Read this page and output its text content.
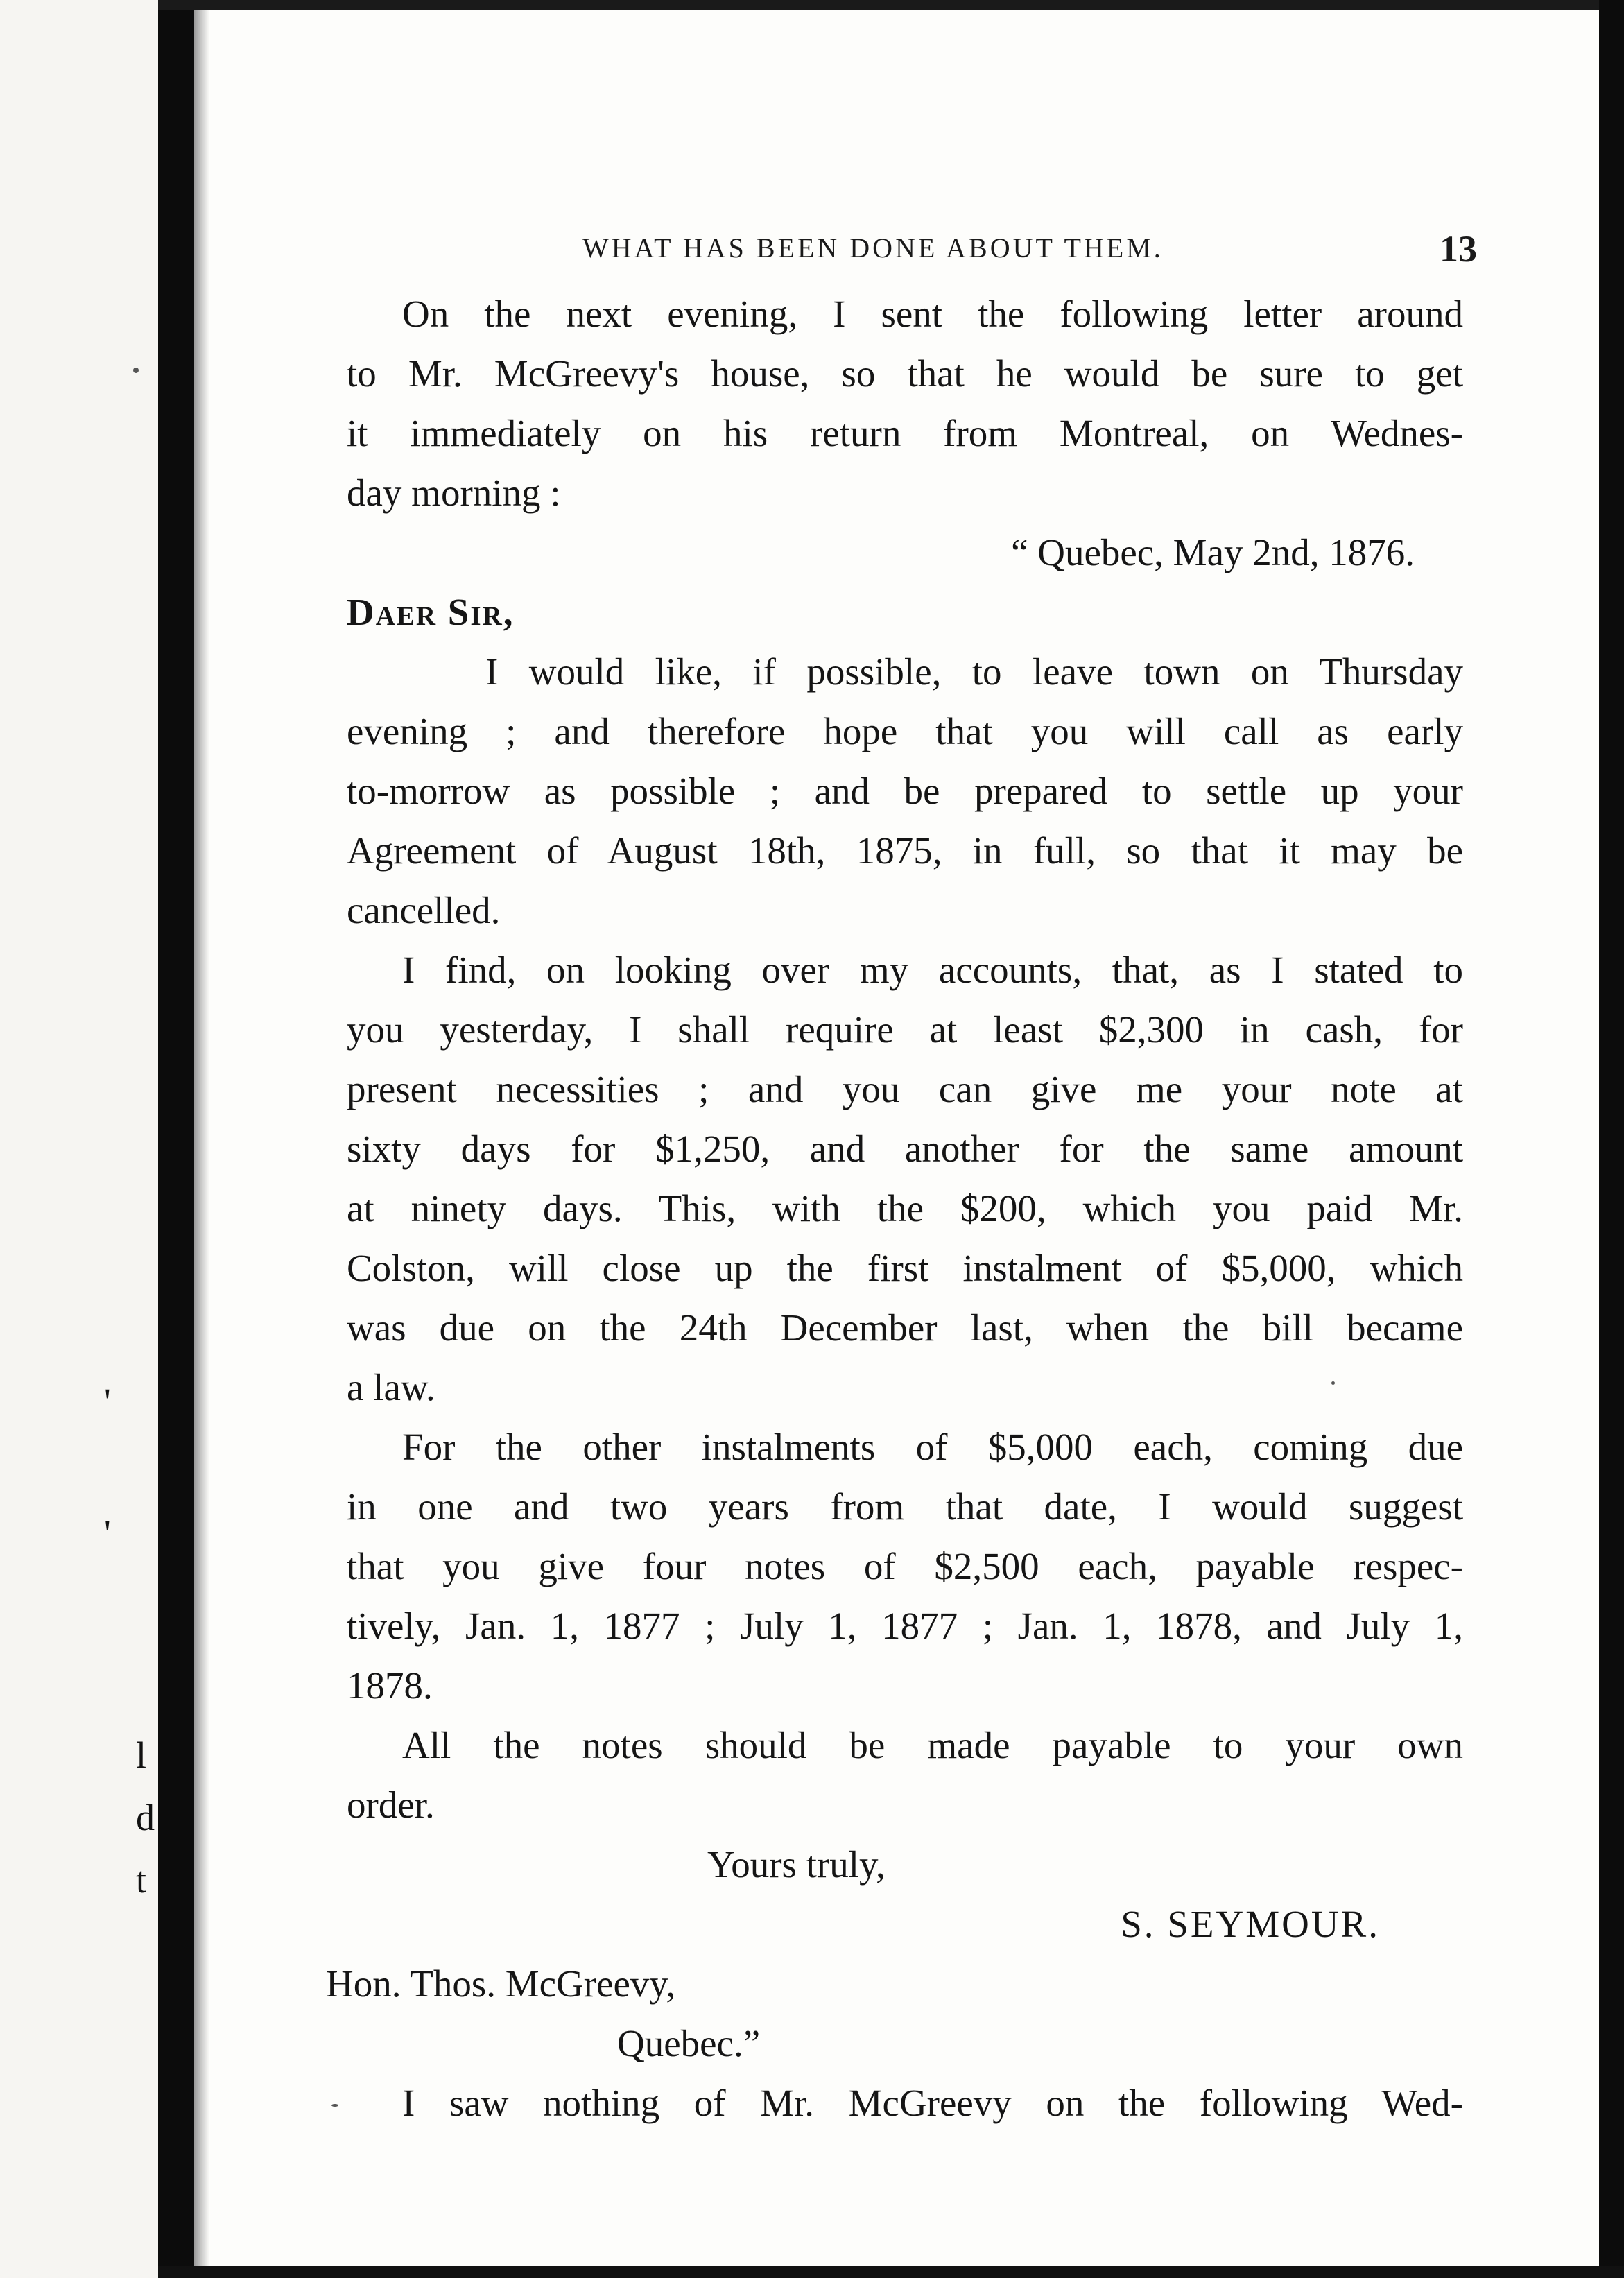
'
'
l
d
t
WHAT HAS BEEN DONE ABOUT THEM.	13
On the next evening, I sent the following letter around
to Mr. McGreevy's house, so that he would be sure to get
it immediately on his return from Montreal, on Wednes-
day morning :
“ Quebec, May 2nd, 1876.
Daer Sir,
I would like, if possible, to leave town on Thursday
evening ; and therefore hope that you will call as early
to-morrow as possible ; and be prepared to settle up your
Agreement of August 18th, 1875, in full, so that it may be
cancelled.
I find, on looking over my accounts, that, as I stated to
you yesterday, I shall require at least $2,300 in cash, for
present necessities ; and you can give me your note at
sixty days for $1,250, and another for the same amount
at ninety days. This, with the $200, which you paid Mr.
Colston, will close up the first instalment of $5,000, which
was due on the 24th December last, when the bill became
a law.
For the other instalments of $5,000 each, coming due
in one and two years from that date, I would suggest
that you give four notes of $2,500 each, payable respec-
tively, Jan. 1, 1877 ; July 1, 1877 ; Jan. 1, 1878, and July 1,
1878.
All the notes should be made payable to your own
order.
Yours truly,
S. SEYMOUR.
Hon. Thos. McGreevy,
Quebec.”
I saw nothing of Mr. McGreevy on the following Wed-
